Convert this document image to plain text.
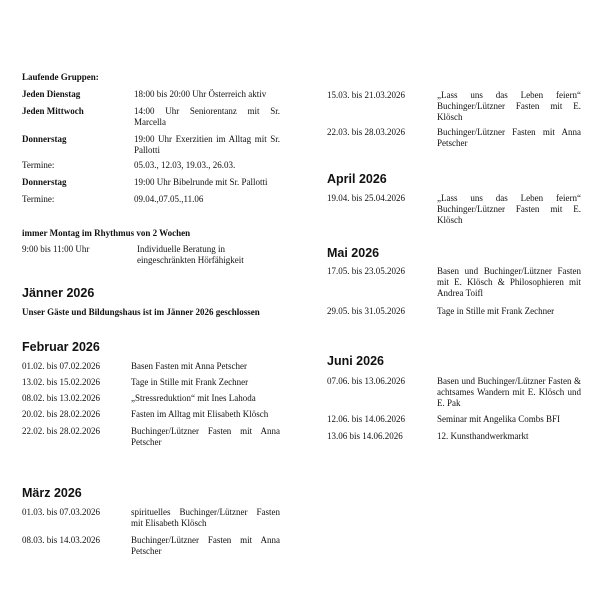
Laufende Gruppen:
Jeden Dienstag	18:00 bis 20:00 Uhr Österreich aktiv
Jeden Mittwoch	14:00 Uhr Seniorentanz mit Sr. Marcella
Donnerstag	19:00 Uhr Exerzitien im Alltag mit Sr. Pallotti
Termine:	05.03., 12.03, 19.03., 26.03.
Donnerstag	19:00 Uhr Bibelrunde mit Sr. Pallotti
Termine:	09.04.,07.05.,11.06
immer Montag im Rhythmus von 2 Wochen
9:00 bis 11:00 Uhr	Individuelle Beratung in eingeschränkten Hörfähigkeit
Jänner 2026
Unser Gäste und Bildungshaus ist im Jänner 2026 geschlossen
Februar 2026
01.02. bis 07.02.2026	Basen Fasten mit Anna Petscher
13.02. bis 15.02.2026	Tage in Stille mit Frank Zechner
08.02. bis 13.02.2026	„Stressreduktion“ mit Ines Lahoda
20.02. bis 28.02.2026	Fasten im Alltag mit Elisabeth Klösch
22.02. bis 28.02.2026	Buchinger/Lützner Fasten mit Anna Petscher
März 2026
01.03. bis 07.03.2026	spirituelles Buchinger/Lützner Fasten mit Elisabeth Klösch
08.03. bis 14.03.2026	Buchinger/Lützner Fasten mit Anna Petscher
15.03. bis 21.03.2026	„Lass uns das Leben feiern“ Buchinger/Lützner Fasten mit E. Klösch
22.03. bis 28.03.2026	Buchinger/Lützner Fasten mit Anna Petscher
April 2026
19.04. bis 25.04.2026	„Lass uns das Leben feiern“ Buchinger/Lützner Fasten mit E. Klösch
Mai 2026
17.05. bis 23.05.2026	Basen und Buchinger/Lützner Fasten mit E. Klösch & Philosophieren mit Andrea Toifl
29.05. bis 31.05.2026	Tage in Stille mit Frank Zechner
Juni 2026
07.06. bis 13.06.2026	Basen und Buchinger/Lützner Fasten & achtsames Wandern mit E. Klösch und E. Pak
12.06. bis 14.06.2026	Seminar mit Angelika Combs BFI
13.06 bis 14.06.2026	12. Kunsthandwerkmarkt
